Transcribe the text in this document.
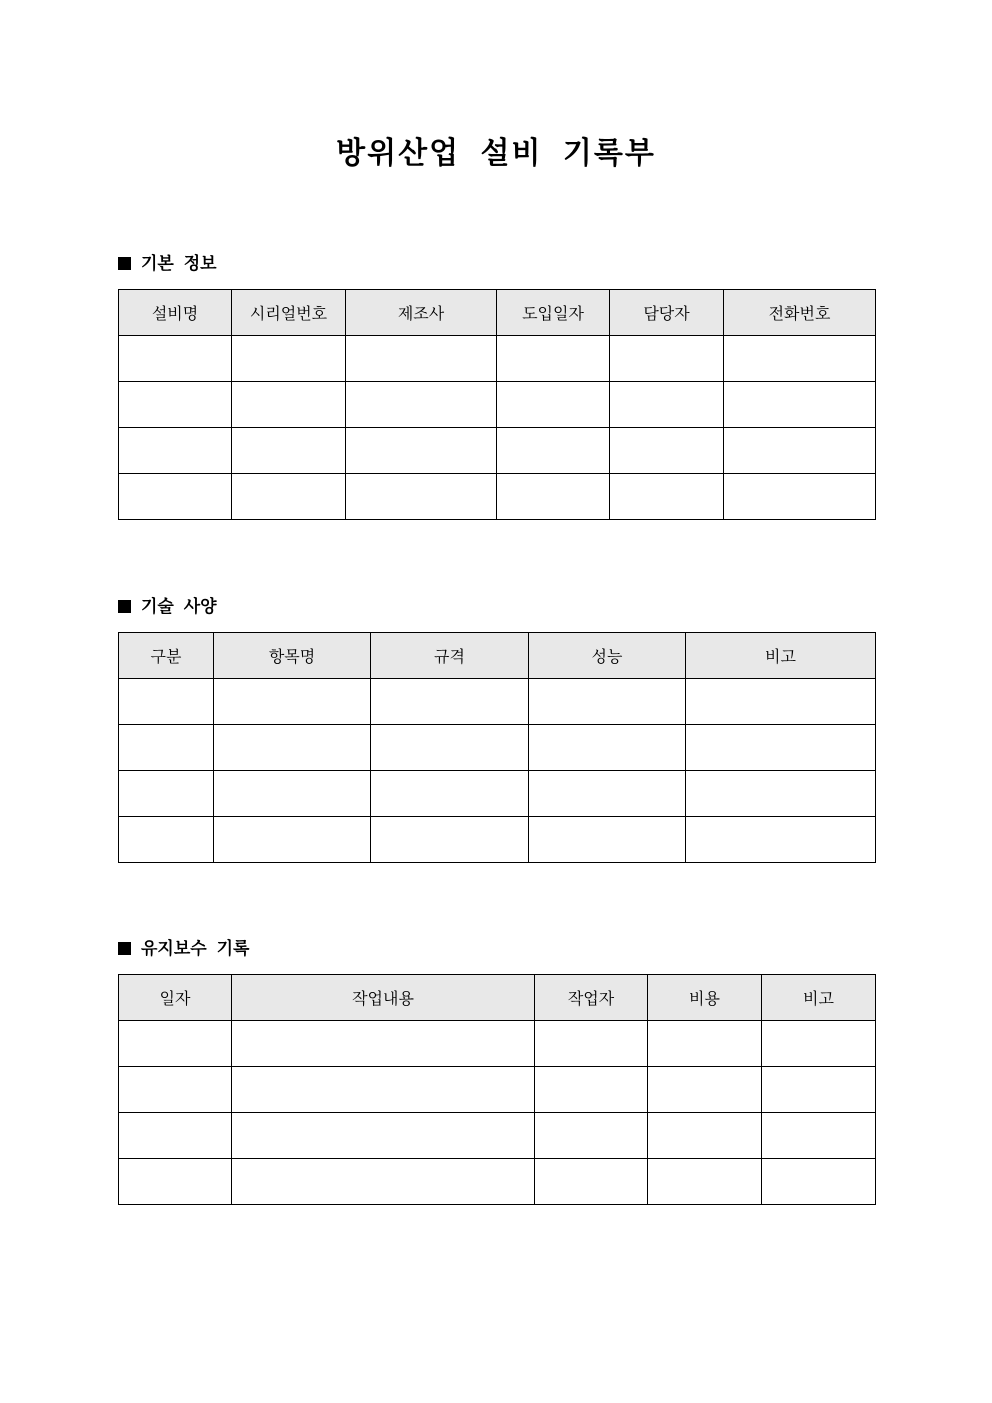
방위산업 설비 기록부
기본 정보
설비명	시리얼번호	제조사	도입일자	담당자	전화번호

기술 사양
구분	항목명	규격	성능	비고

유지보수 기록
일자	작업내용	작업자	비용	비고
